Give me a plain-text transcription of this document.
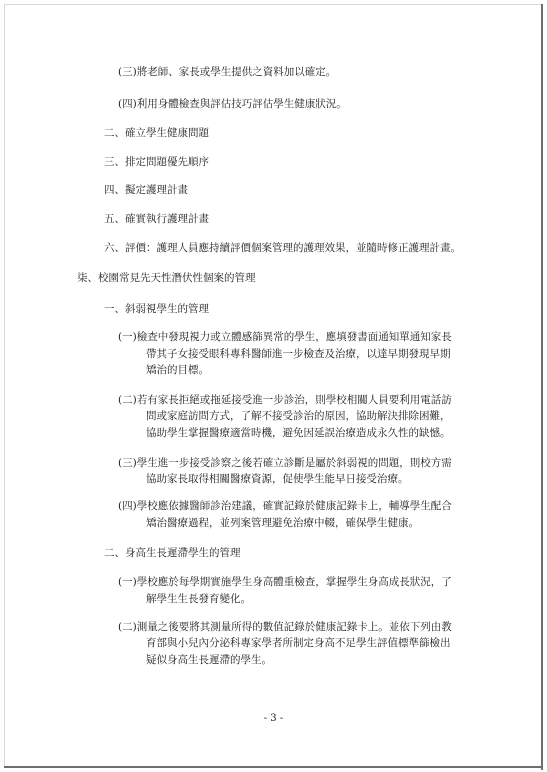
(三)將老師、家長或學生提供之資料加以確定。
(四)利用身體檢查與評估技巧評估學生健康狀況。
二、確立學生健康問題
三、排定問題優先順序
四、擬定護理計畫
五、確實執行護理計畫
六、評價：護理人員應持續評價個案管理的護理效果，並隨時修正護理計畫。
柒、校園常見先天性潛伏性個案的管理
一、斜弱視學生的管理
(一)檢查中發現視力或立體感篩異常的學生，應填發書面通知單通知家長
帶其子女接受眼科專科醫師進一步檢查及治療，以達早期發現早期
矯治的目標。
(二)若有家長拒絕或拖延接受進一步診治，則學校相關人員要利用電話訪
問或家庭訪問方式，了解不接受診治的原因，協助解決排除困難，
協助學生掌握醫療適當時機，避免因延誤治療造成永久性的缺憾。
(三)學生進一步接受診察之後若確立診斷是屬於斜弱視的問題，則校方需
協助家長取得相關醫療資源，促使學生能早日接受治療。
(四)學校應依據醫師診治建議，確實記錄於健康記錄卡上，輔導學生配合
矯治醫療過程，並列案管理避免治療中輟，確保學生健康。
二、身高生長遲滯學生的管理
(一)學校應於每學期實施學生身高體重檢查，掌握學生身高成長狀況，了
解學生生長發育變化。
(二)測量之後要將其測量所得的數值記錄於健康記錄卡上。並依下列由教
育部與小兒內分泌科專家學者所制定身高不足學生評值標準篩檢出
疑似身高生長遲滯的學生。
- 3 -
